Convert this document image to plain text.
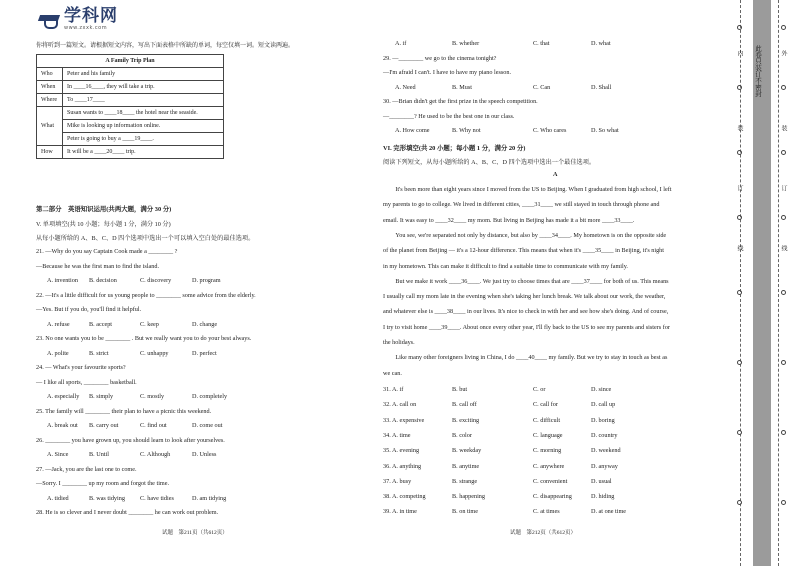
学科网
www.zxxk.com
你将听到一篇短文。请根据短文内容，写出下面表格中所缺的单词，每空仅填一词。短文读两遍。
A Family Trip Plan	
Who	Peter and his family
When	In ____16____, they will take a trip.
Where	To ____17____
What	Susan wants to ____18____ the hotel near the seaside.
	Mike is looking up information online.
	Peter is going to buy a ____19____.
How	It will be a ____20____ trip.
第二部分　英语知识运用(共两大题，满分 30 分)
V. 单项填空(共 10 小题；每小题 1 分，满分 10 分)
从每小题所给的 A、B、C、D 四个选项中选出一个可以填入空白处的最佳选项。
21. —Why do you say Captain Cook made a ________ ?
—Because he was the first man to find the island.
A. invention B. decision	C. discovery	D. program
22. —It's a little difficult for us young people to ________ some advice from the elderly.
—Yes. But if you do, you'll find it helpful.
A. refuse	B. accept	C. keep	D. change
23. No one wants you to be ________ . But we really want you to do your best always.
A. polite	B. strict	C. unhappy	D. perfect
24. — What's your favourite sports?
— I like all sports, ________ basketball.
A. especially B. simply	C. mostly	D. completely
25. The family will ________ their plan to have a picnic this weekend.
A. break out B. carry out	C. find out	D. come out
26. ________ you have grown up, you should learn to look after yourselves.
A. Since	B. Until	C. Although	D. Unless
27. —Jack, you are the last one to come.
—Sorry. I ________ up my room and forgot the time.
A. tidied	B. was tidying C. have tidies	D. am tidying
28. He is so clever and I never doubt ________ he can work out problem.
试题　第211页（共612页）
A. if	B. whether	C. that	D. what
29. —________ we go to the cinema tonight?
—I'm afraid I can't. I have to have my piano lesson.
A. Need	B. Must	C. Can	D. Shall
30. —Brian didn't get the first prize in the speech competition.
—________? He used to be the best one in our class.
A. How come	B. Why not	C. Who cares	D. So what
VI. 完形填空(共 20 小题；每小题 1 分，满分 20 分)
阅读下列短文，从每小题所给的 A、B、C、D 四个选项中选出一个最佳选项。
A
　　It's been more than eight years since I moved from the US to Beijing. When I graduated from high school, I left
my parents to go to college. We lived in different cities, ____31____ we still stayed in touch through phone and
email. It was easy to ____32____ my mom. But living in Beijing has made it a bit more ____33____.
　　You see, we're separated not only by distance, but also by ____34____. My hometown is on the opposite side
of the planet from Beijing — it's a 12-hour difference. This means that when it's ____35____ in Beijing, it's night
in my hometown. This can make it difficult to find a suitable time to communicate with my family.
　　But we make it work ____36____. We just try to choose times that are ____37____ for both of us. This means
I usually call my mom late in the evening when she's taking her lunch break. We talk about our work, the weather,
and whatever else is ____38____ in our lives. It's nice to check in with her and see how she's doing. And of course,
I try to visit home ____39____. About once every other year, I'll fly back to the US to see my parents and sisters for
the holidays.
　　Like many other foreigners living in China, I do ____40____ my family. But we try to stay in touch as best as
we can.
31. A. if	B. but	C. or	D. since
32. A. call on	B. call off	C. call for	D. call up
33. A. expensive	B. exciting	C. difficult	D. boring
34. A. time	B. color	C. language	D. country
35. A. evening	B. weekday	C. morning	D. weekend
36. A. anything	B. anytime	C. anywhere	D. anyway
37. A. busy	B. strange	C. convenient	D. usual
38. A. competing	B. happening	C. disappearing	D. hiding
39. A. in time	B. on time	C. at times	D. at one time
试题　第212页（共612页）
此卷只装订不密封	外
装
订
线
内
装
订
线
